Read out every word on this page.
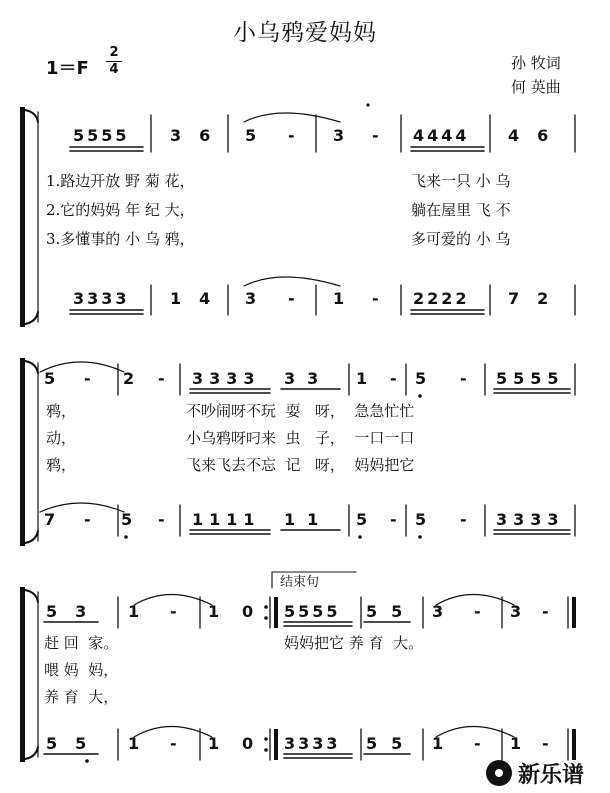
小乌鸦爱妈妈
1＝F
2
4	孙 牧词
何 英曲
5555	36 5 - 3 - 4444 46
1.路边开放 野 菊 花，
2.它的妈妈 年 纪 大，
3.多懂事的 小 乌 鸦，
飞来一只 小 乌
躺在屋里 飞 不
多可爱的 小 乌
3333	14 3 - 1 - 2222 72
5 - 2 - 3333 33 1 - 5 - 5555
鸦，
动，
鸦，
不吵闹呀不玩  耍   呀，  急急忙忙
小乌鸦呀叼来  虫   子，  一口一口
飞来飞去不忘  记   呀，  妈妈把它
7 - 5 - 1111 11 5 - 5 - 3333
结束句
53 1 - 1 0 5555 55 3 - 3 -
赶 回  家。
喂 妈  妈，
养 育  大，
妈妈把它 养 育  大。
55 1 - 1 0 3333 55 1 - 1 -
新乐谱
